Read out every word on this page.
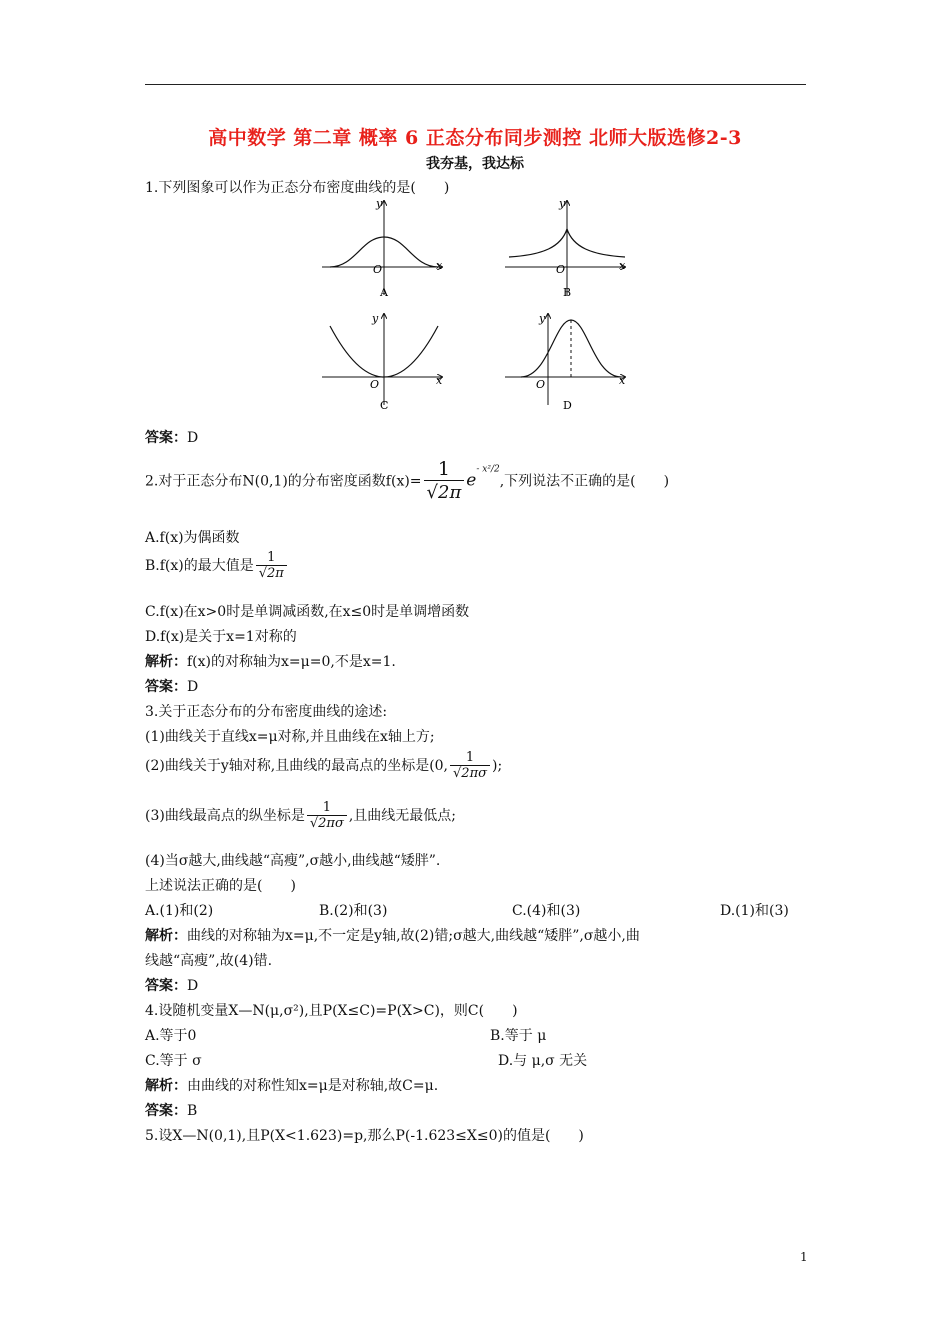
高中数学 第二章 概率 6 正态分布同步测控 北师大版选修2-3
我夯基，我达标
1.下列图象可以作为正态分布密度曲线的是(　　)
y
x
O
A
y
x
O
B
y
x
O
C
y
x
O
D
答案：D
2.对于正态分布N(0,1)的分布密度函数$f(x)= \frac{1}{√2\pi} e^{- x^2/2}$,下列说法不正确的是(　　)
A.f(x)为偶函数
B.f(x)的最大值是 $\frac{1}{√2\pi}$
C.f(x)在x>0时是单调减函数,在x≤0时是单调增函数
D.f(x)是关于x=1对称的
解析：f(x)的对称轴为x=μ=0,不是x=1.
答案：D
3.关于正态分布的分布密度曲线的途述:
(1)曲线关于直线x=μ对称,并且曲线在x轴上方;
(2)曲线关于y轴对称,且曲线的最高点的坐标是(0, $\frac{1}{√2\pi\sigma}$ );
(3)曲线最高点的纵坐标是 $\frac{1}{√2\pi\sigma}$ ,且曲线无最低点;
(4)当σ越大,曲线越“高瘦”,σ越小,曲线越“矮胖”.
上述说法正确的是(　　)
A.(1)和(2)	B.(2)和(3)	C.(4)和(3)	D.(1)和(3)
解析：曲线的对称轴为x=μ,不一定是y轴,故(2)错;σ越大,曲线越“矮胖”,σ越小,曲
线越“高瘦”,故(4)错.
答案：D
4.设随机变量X—N(μ,σ²),且P(X≤C)=P(X>C)，则C(　　)
A.等于0	B.等于 μ
C.等于 σ	D.与 μ,σ 无关
解析：由曲线的对称性知x=μ是对称轴,故C=μ.
答案：B
5.设X—N(0,1),且P(X<1.623)=p,那么P(-1.623≤X≤0)的值是(　　)
1
